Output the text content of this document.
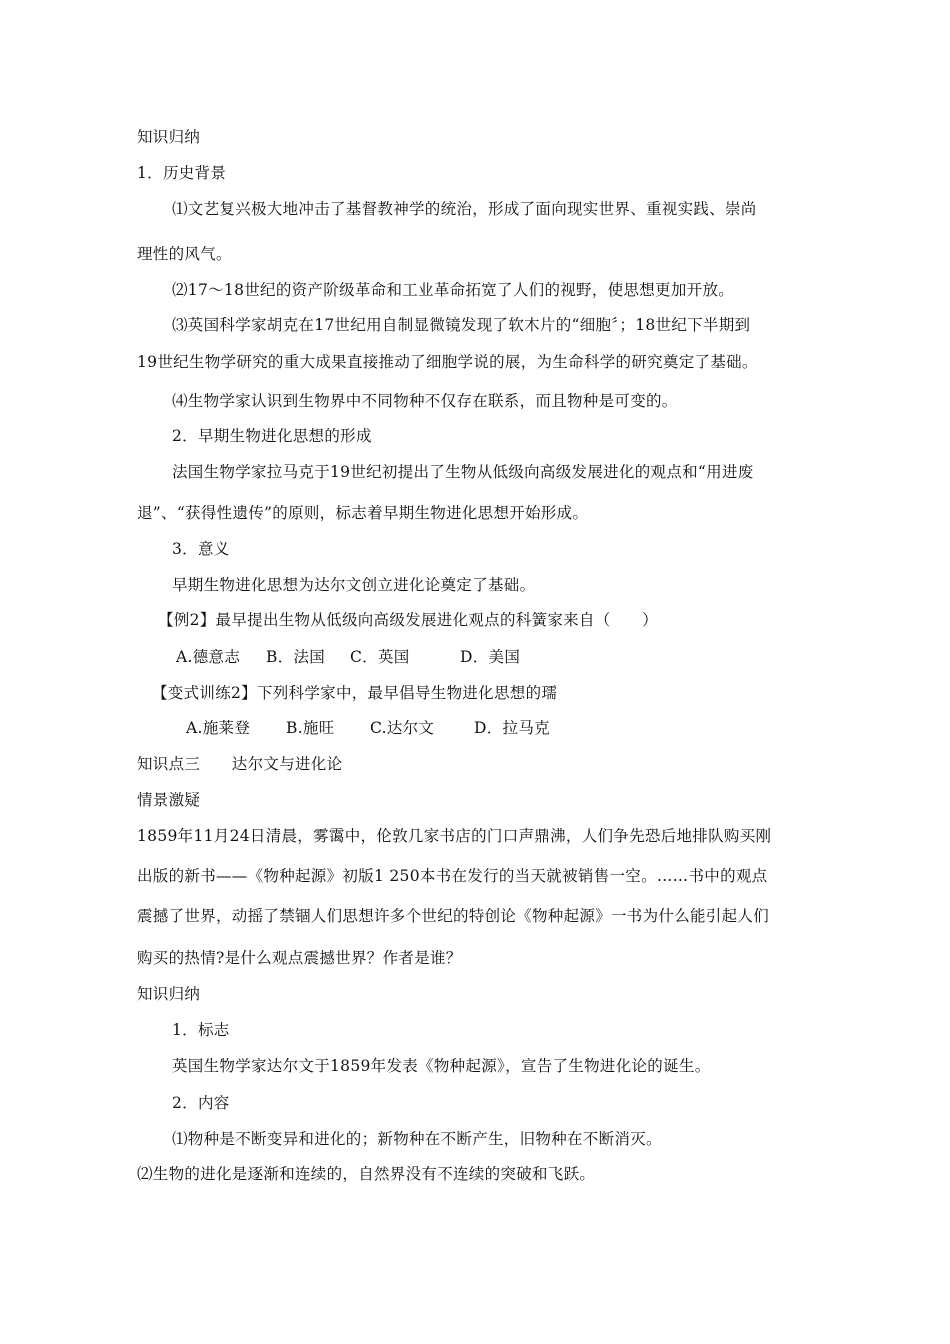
知识归纳
1．历史背景
⑴文艺复兴极大地冲击了基督教神学的统治，形成了面向现实世界、重视实践、崇尚
理性的风气。
⑵17～18世纪的资产阶级革命和工业革命拓宽了人们的视野，使思想更加开放。
⑶英国科学家胡克在17世纪用自制显微镜发现了软木片的“细胞〞；18世纪下半期到
19世纪生物学研究的重大成果直接推动了细胞学说的展，为生命科学的研究奠定了基础。
⑷生物学家认识到生物界中不同物种不仅存在联系，而且物种是可变的。
2．早期生物进化思想的形成
法国生物学家拉马克于19世纪初提出了生物从低级向高级发展进化的观点和“用进废
退”、“获得性遗传”的原则，标志着早期生物进化思想开始形成。
3．意义
早期生物进化思想为达尔文创立进化论奠定了基础。
【例2】最早提出生物从低级向高级发展进化观点的科簧家来自（　　）
A.德意志 B．法国 C．英国	D．美国
【变式训练2】下列科学家中，最早倡导生物进化思想的瓀
A.施莱登 B.施旺 C.达尔文	D．拉马克
知识点三　　达尔文与进化论
情景激疑
1859年11月24日清晨，雾霭中，伦敦几家书店的门口声鼎沸，人们争先恐后地排队购买刚
出版的新书——《物种起源》初版1 250本书在发行的当天就被销售一空。……书中的观点
震撼了世界，动摇了禁锢人们思想许多个世纪的特创论《物种起源》一书为什么能引起人们
购买的热情?是什么观点震撼世界？作者是谁？
知识归纳
1．标志
英国生物学家达尔文于1859年发表《物种起源》，宣告了生物进化论的诞生。
2．内容
⑴物种是不断变异和进化的；新物种在不断产生，旧物种在不断消灭。
⑵生物的进化是逐渐和连续的，自然界没有不连续的突破和飞跃。
